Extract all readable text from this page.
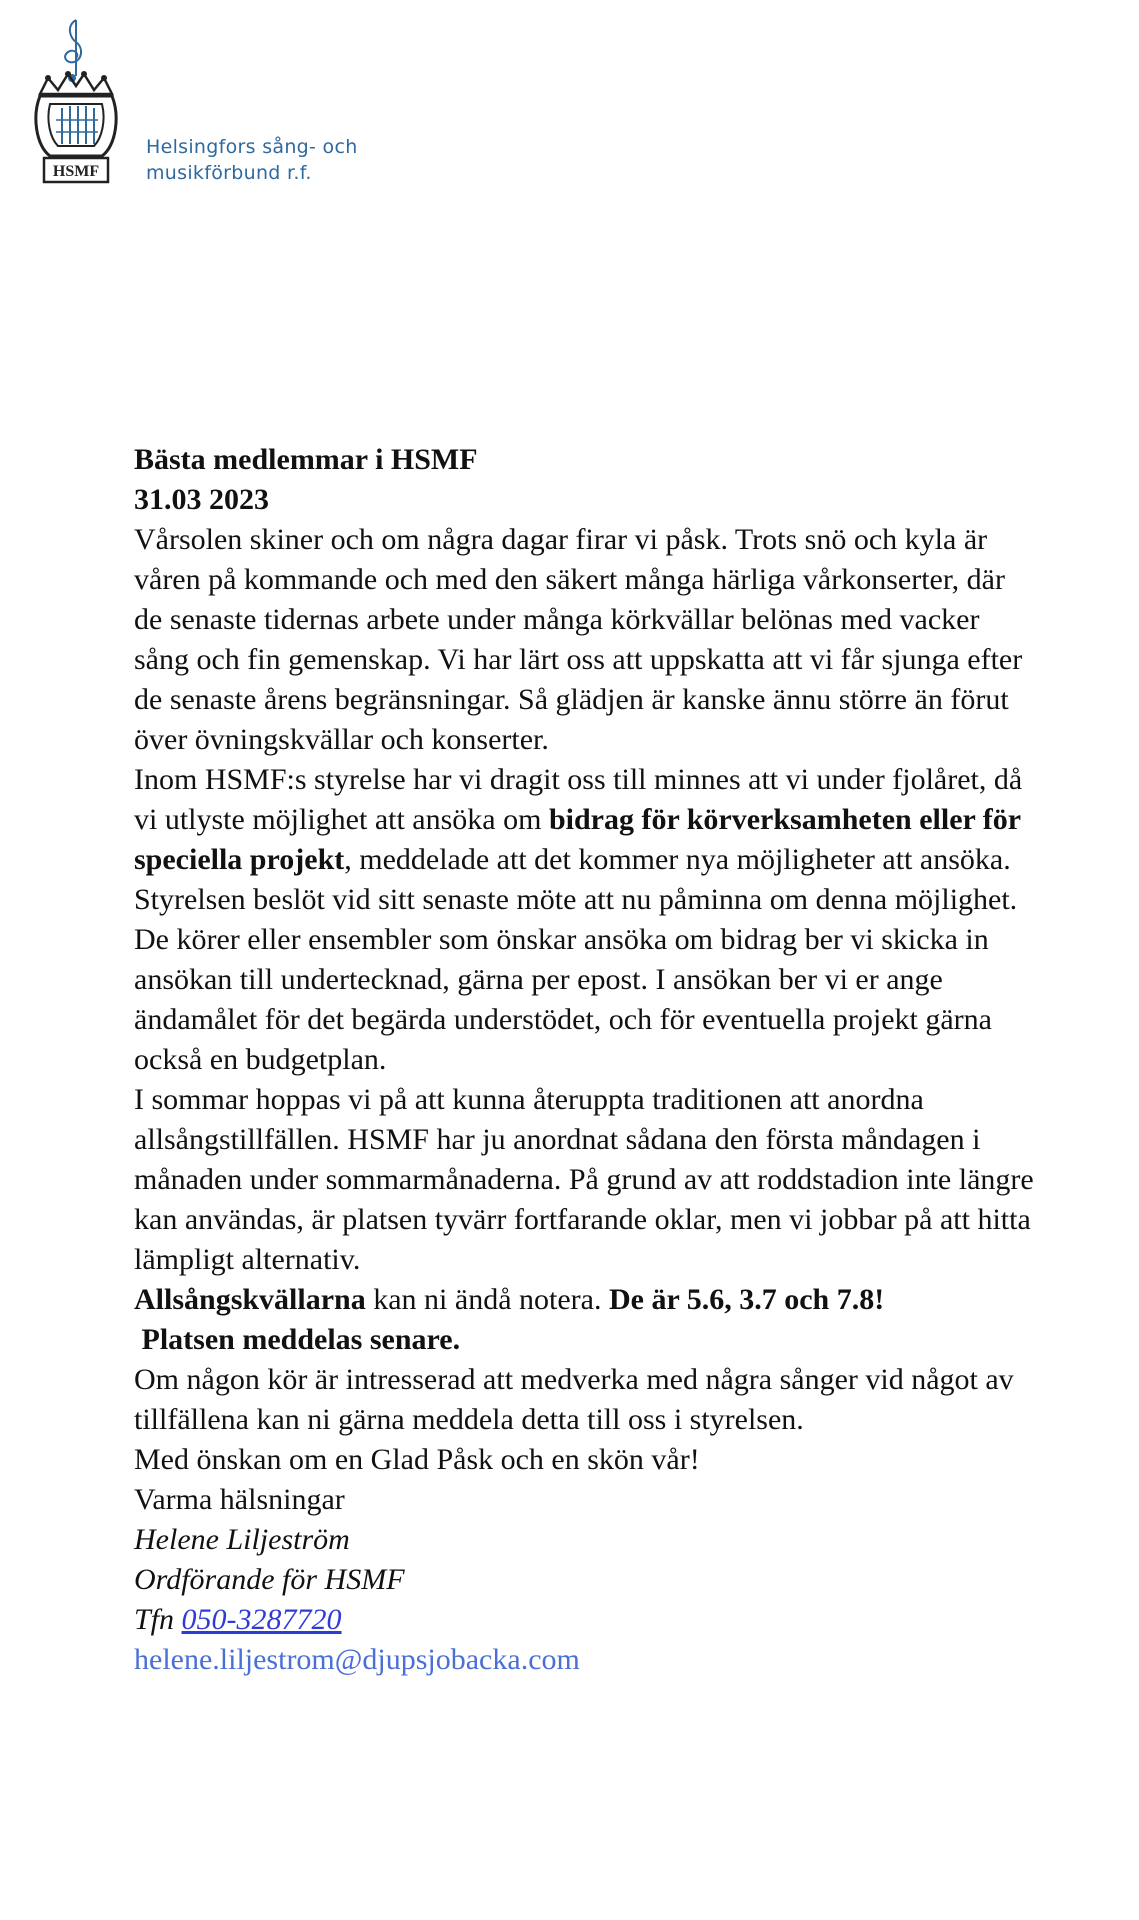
HSMF
Helsingfors sång- och
musikförbund r.f.

Bästa medlemmar i HSMF

31.03 2023

Vårsolen skiner och om några dagar firar vi påsk. Trots snö och kyla är våren på kommande och med den säkert många härliga vårkonserter, där de senaste tidernas arbete under många körkvällar belönas med vacker sång och fin gemenskap. Vi har lärt oss att uppskatta att vi får sjunga efter de senaste årens begränsningar. Så glädjen är kanske ännu större än förut över övningskvällar och konserter.

Inom HSMF:s styrelse har vi dragit oss till minnes att vi under fjolåret, då vi utlyste möjlighet att ansöka om bidrag för körverksamheten eller för speciella projekt, meddelade att det kommer nya möjligheter att ansöka. Styrelsen beslöt vid sitt senaste möte att nu påminna om denna möjlighet. De körer eller ensembler som önskar ansöka om bidrag ber vi skicka in ansökan till undertecknad, gärna per epost. I ansökan ber vi er ange ändamålet för det begärda understödet, och för eventuella projekt gärna också en budgetplan.

I sommar hoppas vi på att kunna återuppta traditionen att anordna allsångstillfällen. HSMF har ju anordnat sådana den första måndagen i månaden under sommarmånaderna. På grund av att roddstadion inte längre kan användas, är platsen tyvärr fortfarande oklar, men vi jobbar på att hitta lämpligt alternativ.

Allsångskvällarna kan ni ändå notera. De är 5.6, 3.7 och 7.8!

Platsen meddelas senare.

Om någon kör är intresserad att medverka med några sånger vid något av tillfällena kan ni gärna meddela detta till oss i styrelsen.

Med önskan om en Glad Påsk och en skön vår!

Varma hälsningar

Helene Liljeström

Ordförande för HSMF

Tfn 050-3287720

helene.liljestrom@djupsjobacka.com
